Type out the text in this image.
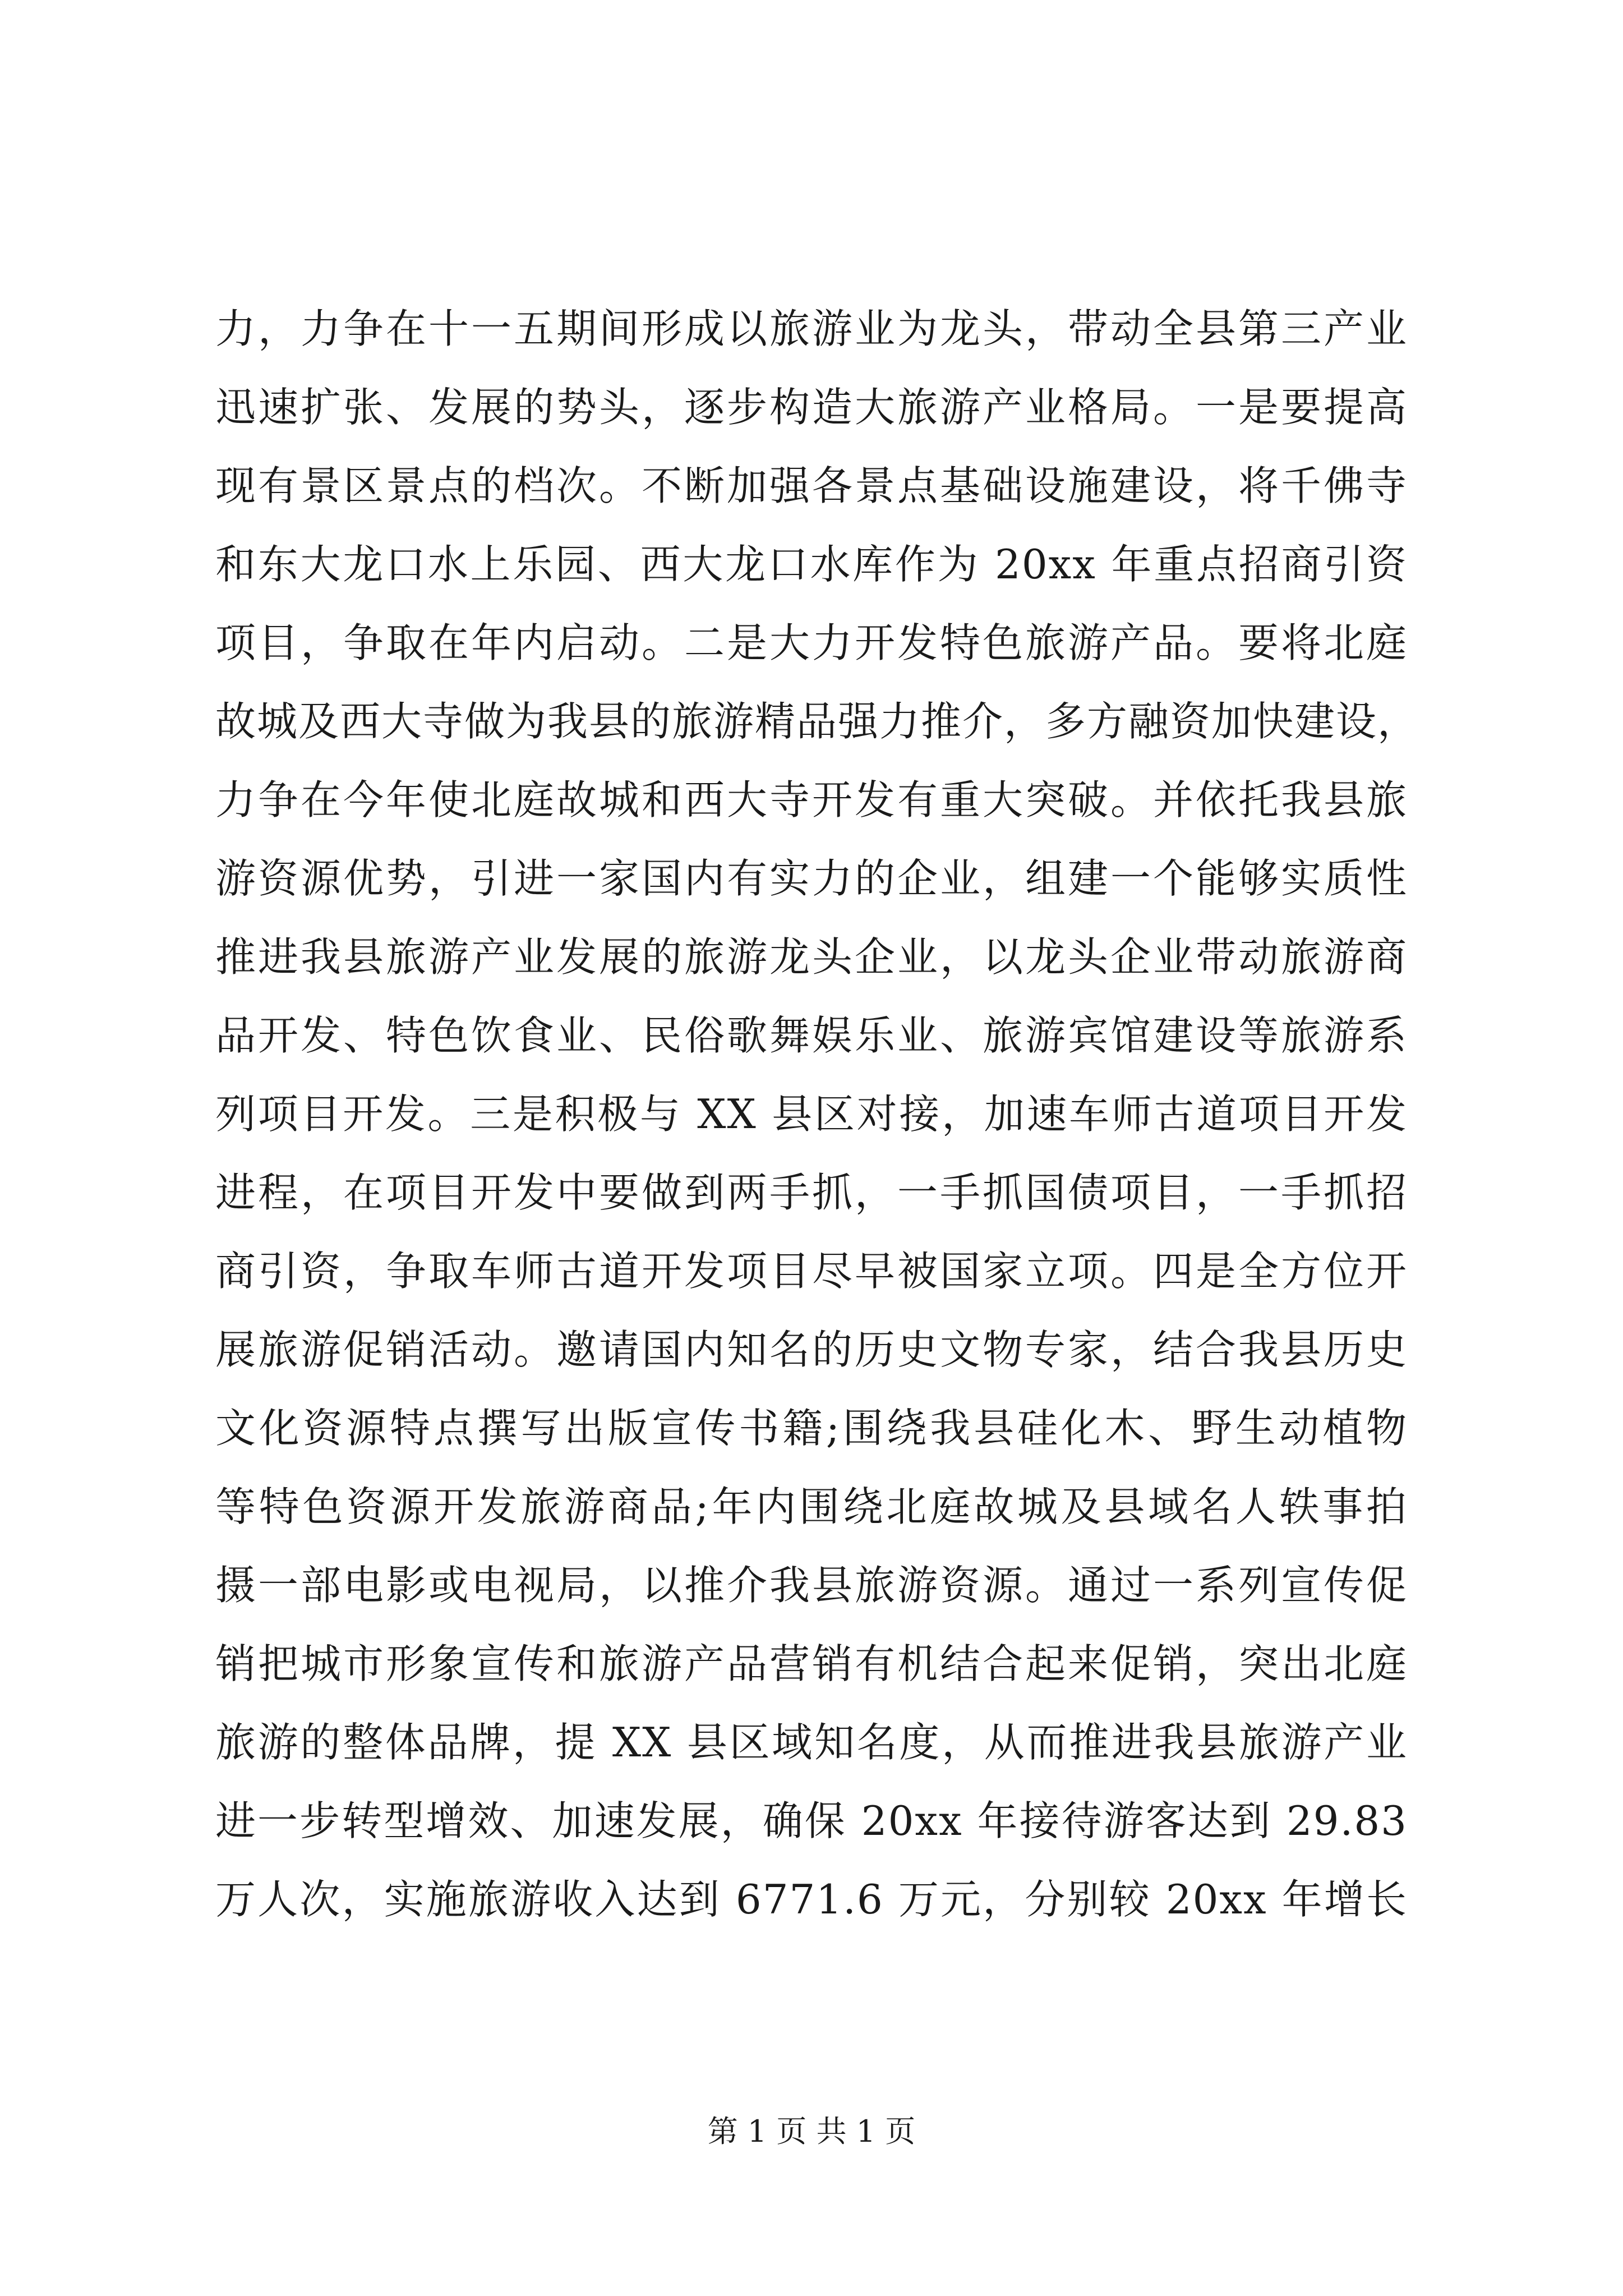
力，力争在十一五期间形成以旅游业为龙头，带动全县第三产业
迅速扩张、发展的势头，逐步构造大旅游产业格局。一是要提高
现有景区景点的档次。不断加强各景点基础设施建设，将千佛寺
和东大龙口水上乐园、西大龙口水库作为 20xx 年重点招商引资
项目，争取在年内启动。二是大力开发特色旅游产品。要将北庭
故城及西大寺做为我县的旅游精品强力推介，多方融资加快建设，
力争在今年使北庭故城和西大寺开发有重大突破。并依托我县旅
游资源优势，引进一家国内有实力的企业，组建一个能够实质性
推进我县旅游产业发展的旅游龙头企业，以龙头企业带动旅游商
品开发、特色饮食业、民俗歌舞娱乐业、旅游宾馆建设等旅游系
列项目开发。三是积极与 XX 县区对接，加速车师古道项目开发
进程，在项目开发中要做到两手抓，一手抓国债项目，一手抓招
商引资，争取车师古道开发项目尽早被国家立项。四是全方位开
展旅游促销活动。邀请国内知名的历史文物专家，结合我县历史
文化资源特点撰写出版宣传书籍;围绕我县硅化木、野生动植物
等特色资源开发旅游商品;年内围绕北庭故城及县域名人轶事拍
摄一部电影或电视局，以推介我县旅游资源。通过一系列宣传促
销把城市形象宣传和旅游产品营销有机结合起来促销，突出北庭
旅游的整体品牌，提 XX 县区域知名度，从而推进我县旅游产业
进一步转型增效、加速发展，确保 20xx 年接待游客达到 29.83
万人次，实施旅游收入达到 6771.6 万元，分别较 20xx 年增长
第 1 页 共 1 页
